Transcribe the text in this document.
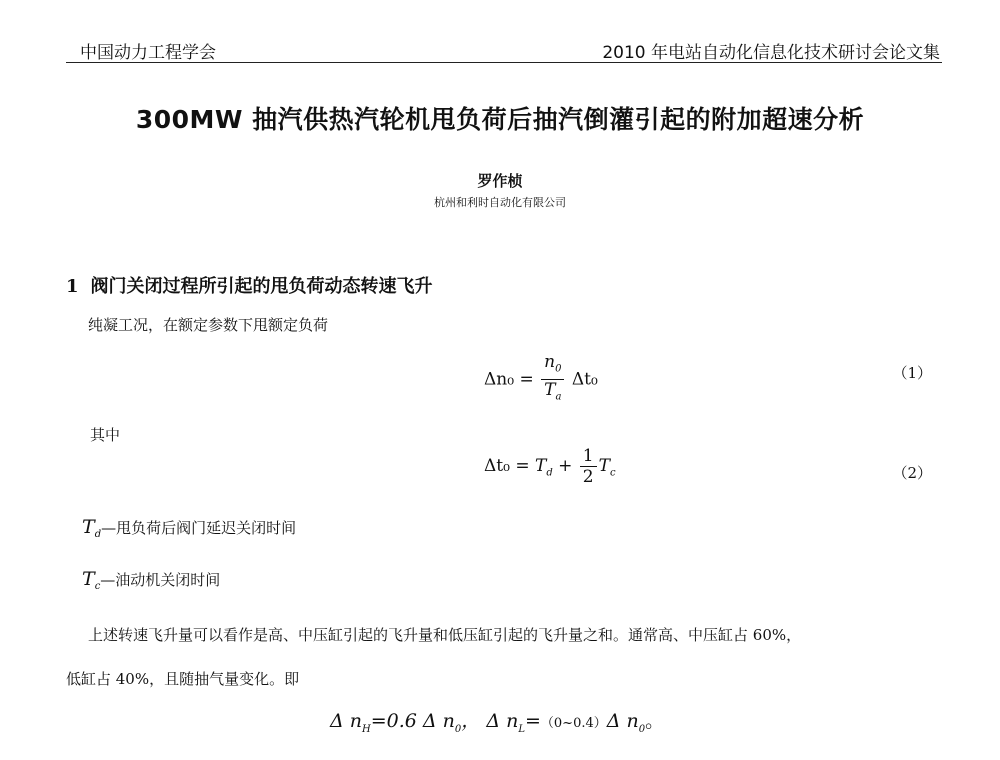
中国动力工程学会	2010 年电站自动化信息化技术研讨会论文集
300MW 抽汽供热汽轮机甩负荷后抽汽倒灌引起的附加超速分析
罗作桢
杭州和利时自动化有限公司
1 阀门关闭过程所引起的甩负荷动态转速飞升
纯凝工况，在额定参数下甩额定负荷
$\Delta n_0 = \frac{n_0}{T_a} \Delta t_0$	（1）
其中
$\Delta t_0 = T_d + \frac{1}{2} T_c$	（2）
$T_d—$甩负荷后阀门延迟关闭时间
$T_c—$油动机关闭时间
上述转速飞升量可以看作是高、中压缸引起的飞升量和低压缸引起的飞升量之和。通常高、中压缸占 60%，
低缸占 40%，且随抽气量变化。即
Δ $n_H=0.6$ Δ $n_0$， Δ $n_L=(0\sim 0.4)\Delta$ $n_0$。
